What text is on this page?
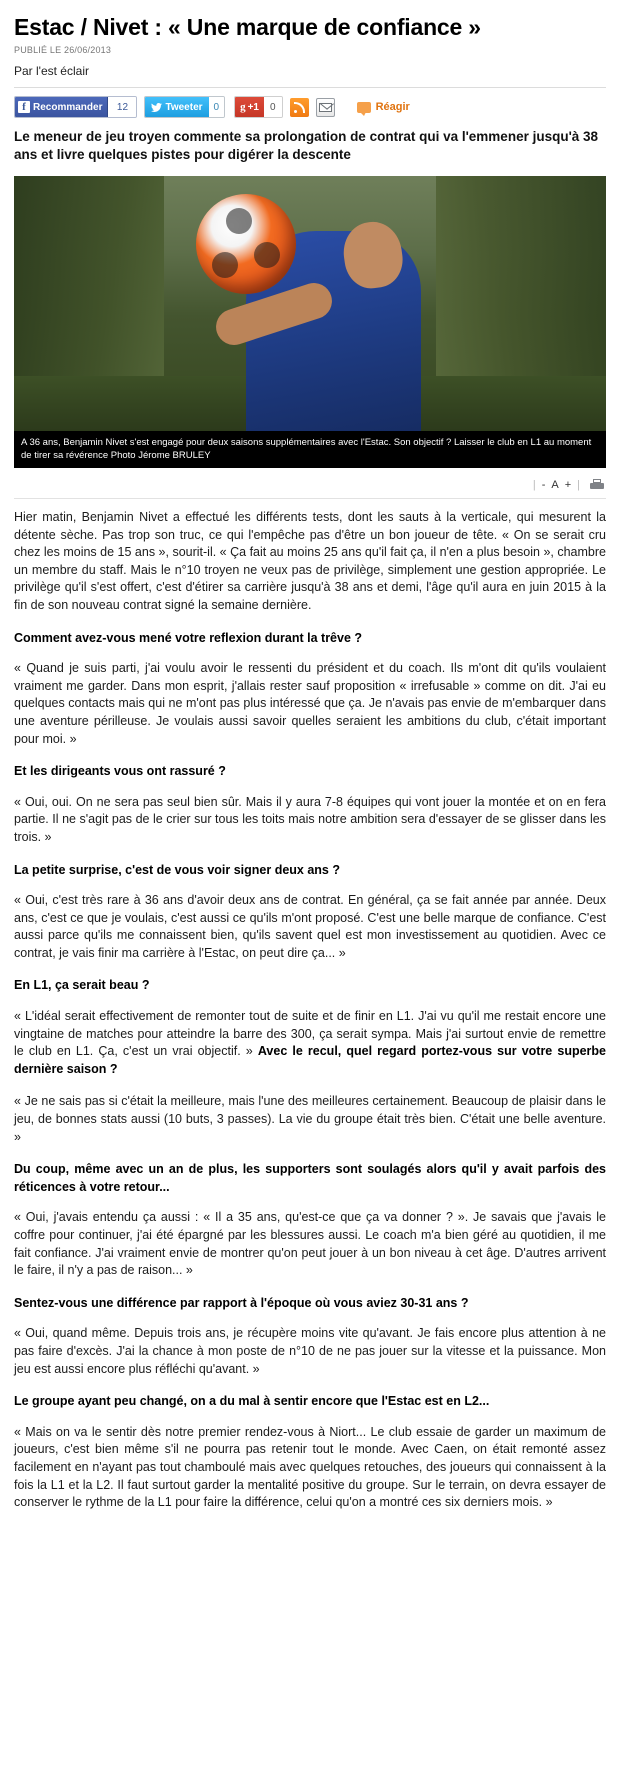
Estac / Nivet : « Une marque de confiance »
PUBLIÉ LE 26/06/2013
Par l'est éclair
f Recommander	12	Tweeter	0	g +1	0	Réagir
Le meneur de jeu troyen commente sa prolongation de contrat qui va l'emmener jusqu'à 38 ans et livre quelques pistes pour digérer la descente
A 36 ans, Benjamin Nivet s'est engagé pour deux saisons supplémentaires avec l'Estac. Son objectif ? Laisser le club en L1 au moment de tirer sa révérence Photo Jérome BRULEY
| - A + |

Hier matin, Benjamin Nivet a effectué les différents tests, dont les sauts à la verticale, qui mesurent la détente sèche. Pas trop son truc, ce qui l'empêche pas d'être un bon joueur de tête. « On se serait cru chez les moins de 15 ans », sourit-il. « Ça fait au moins 25 ans qu'il fait ça, il n'en a plus besoin », chambre un membre du staff. Mais le n°10 troyen ne veux pas de privilège, simplement une gestion appropriée. Le privilège qu'il s'est offert, c'est d'étirer sa carrière jusqu'à 38 ans et demi, l'âge qu'il aura en juin 2015 à la fin de son nouveau contrat signé la semaine dernière.

Comment avez-vous mené votre reflexion durant la trêve ?

« Quand je suis parti, j'ai voulu avoir le ressenti du président et du coach. Ils m'ont dit qu'ils voulaient vraiment me garder. Dans mon esprit, j'allais rester sauf proposition « irrefusable » comme on dit. J'ai eu quelques contacts mais qui ne m'ont pas plus intéressé que ça. Je n'avais pas envie de m'embarquer dans une aventure périlleuse. Je voulais aussi savoir quelles seraient les ambitions du club, c'était important pour moi. »

Et les dirigeants vous ont rassuré ?

« Oui, oui. On ne sera pas seul bien sûr. Mais il y aura 7-8 équipes qui vont jouer la montée et on en fera partie. Il ne s'agit pas de le crier sur tous les toits mais notre ambition sera d'essayer de se glisser dans les trois. »

La petite surprise, c'est de vous voir signer deux ans ?

« Oui, c'est très rare à 36 ans d'avoir deux ans de contrat. En général, ça se fait année par année. Deux ans, c'est ce que je voulais, c'est aussi ce qu'ils m'ont proposé. C'est une belle marque de confiance. C'est aussi parce qu'ils me connaissent bien, qu'ils savent quel est mon investissement au quotidien. Avec ce contrat, je vais finir ma carrière à l'Estac, on peut dire ça... »

En L1, ça serait beau ?

« L'idéal serait effectivement de remonter tout de suite et de finir en L1. J'ai vu qu'il me restait encore une vingtaine de matches pour atteindre la barre des 300, ça serait sympa. Mais j'ai surtout envie de remettre le club en L1. Ça, c'est un vrai objectif. » Avec le recul, quel regard portez-vous sur votre superbe dernière saison ?

« Je ne sais pas si c'était la meilleure, mais l'une des meilleures certainement. Beaucoup de plaisir dans le jeu, de bonnes stats aussi (10 buts, 3 passes). La vie du groupe était très bien. C'était une belle aventure. »

Du coup, même avec un an de plus, les supporters sont soulagés alors qu'il y avait parfois des réticences à votre retour...

« Oui, j'avais entendu ça aussi : « Il a 35 ans, qu'est-ce que ça va donner ? ». Je savais que j'avais le coffre pour continuer, j'ai été épargné par les blessures aussi. Le coach m'a bien géré au quotidien, il me fait confiance. J'ai vraiment envie de montrer qu'on peut jouer à un bon niveau à cet âge. D'autres arrivent le faire, il n'y a pas de raison... »

Sentez-vous une différence par rapport à l'époque où vous aviez 30-31 ans ?

« Oui, quand même. Depuis trois ans, je récupère moins vite qu'avant. Je fais encore plus attention à ne pas faire d'excès. J'ai la chance à mon poste de n°10 de ne pas jouer sur la vitesse et la puissance. Mon jeu est aussi encore plus réfléchi qu'avant. »

Le groupe ayant peu changé, on a du mal à sentir encore que l'Estac est en L2...

« Mais on va le sentir dès notre premier rendez-vous à Niort... Le club essaie de garder un maximum de joueurs, c'est bien même s'il ne pourra pas retenir tout le monde. Avec Caen, on était remonté assez facilement en n'ayant pas tout chamboulé mais avec quelques retouches, des joueurs qui connaissent à la fois la L1 et la L2. Il faut surtout garder la mentalité positive du groupe. Sur le terrain, on devra essayer de conserver le rythme de la L1 pour faire la différence, celui qu'on a montré ces six derniers mois. »
